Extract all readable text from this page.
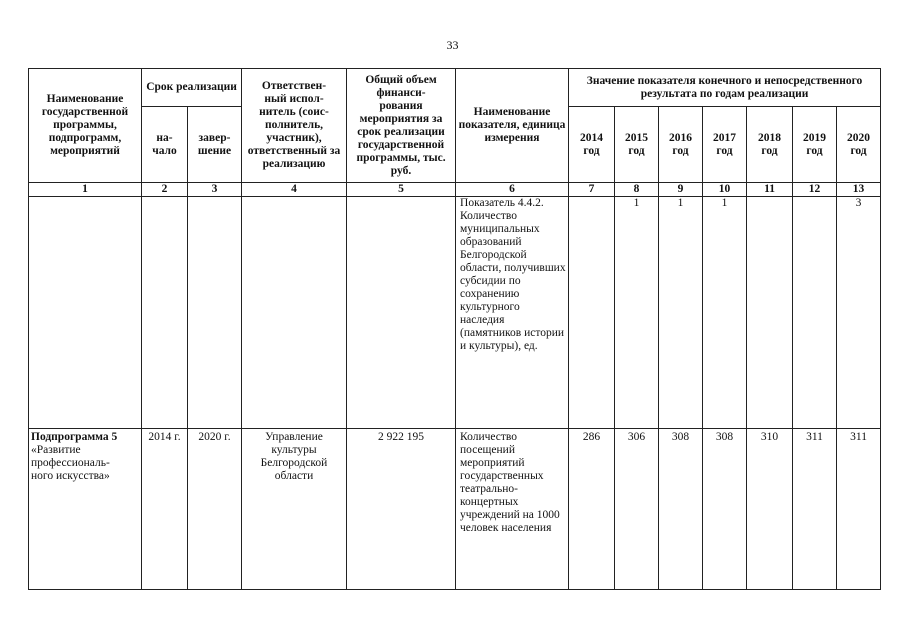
33
Наименование государственной программы, подпрограмм, мероприятий	Срок реализации		Ответствен-
ный испол-
нитель (соис-
полнитель, участник), ответственный за реализацию	Общий объем финанси-
рования мероприятия за срок реализации государственной программы, тыс. руб.	Наименование показателя, единица измерения	Значение показателя конечного и непосредственного результата по годам реализации						
	на-
чало	завер-
шение				2014 год	2015 год	2016 год	2017 год	2018 год	2019 год	2020 год
1	2	3	4	5	6	7	8	9	10	11	12	13
					Показатель 4.4.2. Количество муниципальных образований Белгородской области, получивших субсидии по сохранению культурного наследия (памятников истории и культуры), ед.		1	1	1			3
Подпрограмма 5
«Развитие профессиональ-
ного искусства»	2014 г.	2020 г.	Управление культуры Белгородской области	2 922 195	Количество посещений мероприятий государственных театрально-концертных учреждений на 1000 человек населения	286	306	308	308	310	311	311
